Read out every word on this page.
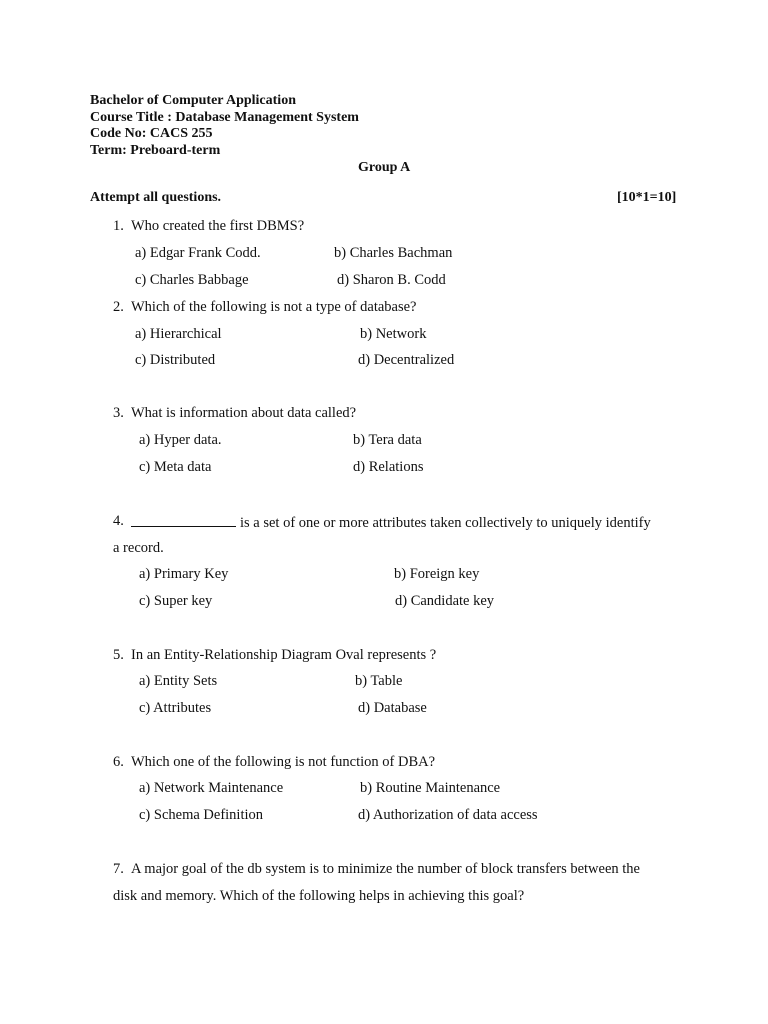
Bachelor of Computer Application
Course Title : Database Management System
Code No: CACS 255
Term: Preboard-term
Group A
Attempt all questions.	[10*1=10]
1. Who created the first DBMS?
a) Edgar Frank Codd.	b) Charles Bachman
c) Charles Babbage	d) Sharon B. Codd
2. Which of the following is not a type of database?
a) Hierarchical	b) Network
c) Distributed	d) Decentralized
3. What is information about data called?
a) Hyper data.	b) Tera data
c) Meta data	d) Relations
4.	is a set of one or more attributes taken collectively to uniquely identify
a record.
a) Primary Key	b) Foreign key
c) Super key	d) Candidate key
5. In an Entity-Relationship Diagram Oval represents ?
a) Entity Sets	b) Table
c) Attributes	d) Database
6. Which one of the following is not function of DBA?
a) Network Maintenance	b) Routine Maintenance
c) Schema Definition	d) Authorization of data access
7. A major goal of the db system is to minimize the number of block transfers between the
disk and memory. Which of the following helps in achieving this goal?
